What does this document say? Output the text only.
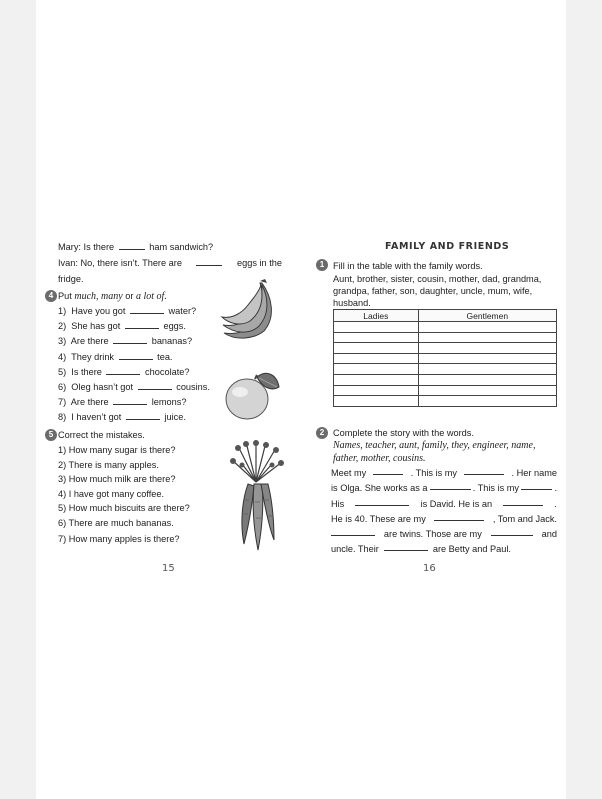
Mary: Is there	ham sandwich?
Ivan: No, there isn’t. There are	eggs in the
fridge.
4 Put much, many or a lot of.
1) Have you got	water?
2) She has got	eggs.
3) Are there	bananas?
4) They drink	tea.
5) Is there	chocolate?
6) Oleg hasn’t got	cousins.
7) Are there	lemons?
8) I haven’t got	juice.
5 Correct the mistakes.
1) How many sugar is there?
2) There is many apples.
3) How much milk are there?
4) I have got many coffee.
5) How much biscuits are there?
6) There are much bananas.
7) How many apples is there?
15
FAMILY AND FRIENDS
1 Fill in the table with the family words.
Aunt, brother, sister, cousin, mother, dad, grandma,
grandpa, father, son, daughter, uncle, mum, wife,
husband.
Ladies	Gentlemen

2 Complete the story with the words.
Names, teacher, aunt, family, they, engineer, name,
father, mother, cousins.
Meet my	. This is my	. Her name
is Olga. She works as a	. This is my	.
His	is David. He is an	.
He is 40. These are my	, Tom and Jack.
are twins. Those are my	and
uncle. Their	are Betty and Paul.
16
